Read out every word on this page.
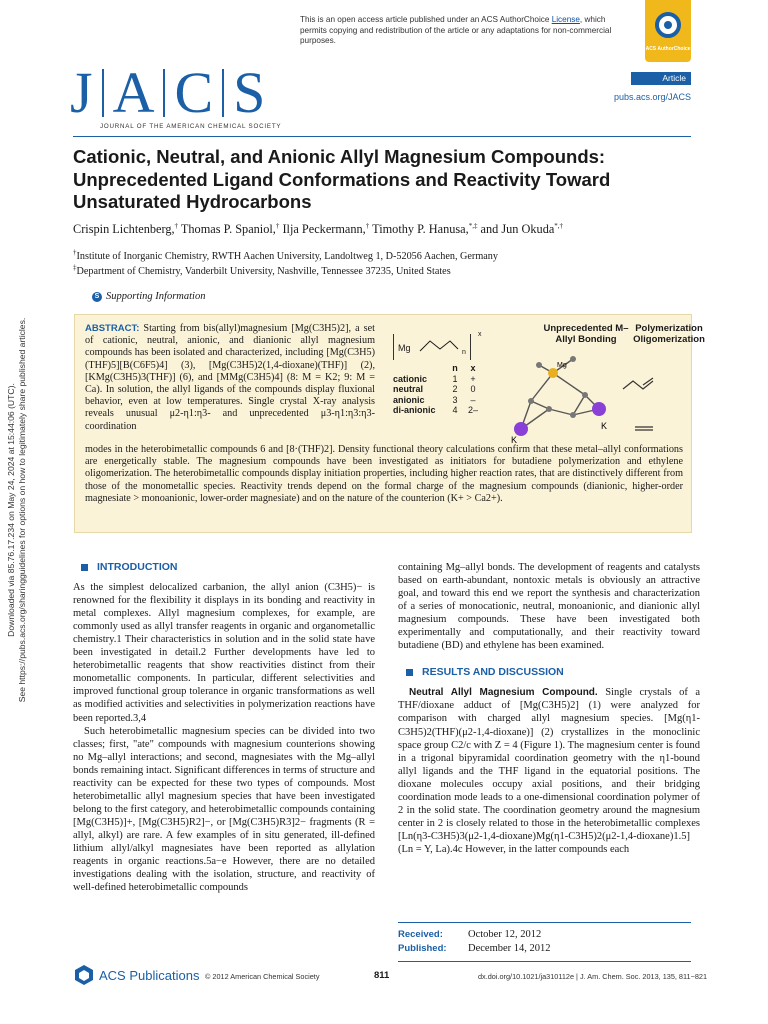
Downloaded via 85.76.17.234 on May 24, 2024 at 15:44:06 (UTC). See https://pubs.acs.org/sharingguidelines for options on how to legitimately share published articles.
This is an open access article published under an ACS AuthorChoice License, which permits copying and redistribution of the article or any adaptations for non-commercial purposes.
ACS AuthorChoice
J A C S
JOURNAL OF THE AMERICAN CHEMICAL SOCIETY
Article
pubs.acs.org/JACS
Cationic, Neutral, and Anionic Allyl Magnesium Compounds: Unprecedented Ligand Conformations and Reactivity Toward Unsaturated Hydrocarbons
Crispin Lichtenberg,† Thomas P. Spaniol,† Ilja Peckermann,† Timothy P. Hanusa,*,‡ and Jun Okuda*,†
†Institute of Inorganic Chemistry, RWTH Aachen University, Landoltweg 1, D-52056 Aachen, Germany
‡Department of Chemistry, Vanderbilt University, Nashville, Tennessee 37235, United States
S Supporting Information
ABSTRACT: Starting from bis(allyl)magnesium [Mg(C3H5)2], a set of cationic, neutral, anionic, and dianionic allyl magnesium compounds has been isolated and characterized, including [Mg(C3H5)(THF)5][B(C6F5)4] (3), [Mg(C3H5)2(1,4-dioxane)(THF)] (2), [KMg(C3H5)3(THF)] (6), and [MMg(C3H5)4] (8: M = K2; 9: M = Ca). In solution, the allyl ligands of the compounds display fluxional behavior, even at low temperatures. Single crystal X-ray analysis reveals unusual μ2-η1:η3- and unprecedented μ3-η1:η3:η3-coordination
Mg	n
x
Unprecedented M–Allyl Bonding
Polymerization Oligomerization
n	x
cationic	1	+
neutral	2	0
anionic	3	–
di-anionic	4	2–
Mg
K
K
modes in the heterobimetallic compounds 6 and [8·(THF)2]. Density functional theory calculations confirm that these metal–allyl conformations are energetically stable. The magnesium compounds have been investigated as initiators for butadiene polymerization and ethylene oligomerization. The heterobimetallic compounds display initiation properties, including higher reaction rates, that are distinctively different from those of the monometallic species. Reactivity trends depend on the formal charge of the magnesium compounds (dianionic, higher-order magnesiate > monoanionic, lower-order magnesiate) and on the nature of the counterion (K+ > Ca2+).
INTRODUCTION

As the simplest delocalized carbanion, the allyl anion (C3H5)− is renowned for the flexibility it displays in its bonding and reactivity in metal complexes. Allyl magnesium complexes, for example, are commonly used as allyl transfer reagents in organic and organometallic chemistry.1 Their characteristics in solution and in the solid state have been investigated in detail.2 Further developments have led to heterobimetallic reagents that show reactivities distinct from their monometallic components. In particular, different selectivities and improved functional group tolerance in organic transformations as well as modified activities and selectivities in polymerization reactions have been reported.3,4

Such heterobimetallic magnesium species can be divided into two classes; first, "ate" compounds with magnesium counterions showing no Mg–allyl interactions; and second, magnesiates with the Mg–allyl bonds remaining intact. Significant differences in terms of structure and reactivity can be expected for these two types of compounds. Most heterobimetallic allyl magnesium species that have been investigated belong to the first category, and heterobimetallic compounds containing [Mg(C3H5)]+, [Mg(C3H5)R2]−, or [Mg(C3H5)R3]2− fragments (R = allyl, alkyl) are rare. A few examples of in situ generated, ill-defined lithium allyl/alkyl magnesiates have been reported as allylation reagents in organic reactions.5a−e However, there are no detailed investigations dealing with the isolation, structure, and reactivity of well-defined heterobimetallic compounds

containing Mg–allyl bonds. The development of reagents and catalysts based on earth-abundant, nontoxic metals is obviously an attractive goal, and toward this end we report the synthesis and characterization of a series of monocationic, neutral, monoanionic, and dianionic allyl magnesium compounds. These have been investigated both experimentally and computationally, and their reactivity toward butadiene (BD) and ethylene has been examined.

RESULTS AND DISCUSSION

Neutral Allyl Magnesium Compound. Single crystals of a THF/dioxane adduct of [Mg(C3H5)2] (1) were analyzed for comparison with charged allyl magnesium species. [Mg(η1-C3H5)2(THF)(μ2-1,4-dioxane)] (2) crystallizes in the monoclinic space group C2/c with Z = 4 (Figure 1). The magnesium center is found in a trigonal bipyramidal coordination geometry with the η1-bound allyl ligands and the THF ligand in the equatorial positions. The dioxane molecules occupy axial positions, and their bridging coordination mode leads to a one-dimensional coordination polymer of 2 in the solid state. The coordination geometry around the magnesium center in 2 is closely related to those in the heterobimetallic complexes [Ln(η3-C3H5)3(μ2-1,4-dioxane)Mg(η1-C3H5)2(μ2-1,4-dioxane)1.5] (Ln = Y, La).4c However, in the latter compounds each

Received: October 12, 2012
Published: December 14, 2012
ACS Publications © 2012 American Chemical Society	811	dx.doi.org/10.1021/ja310112e | J. Am. Chem. Soc. 2013, 135, 811−821
